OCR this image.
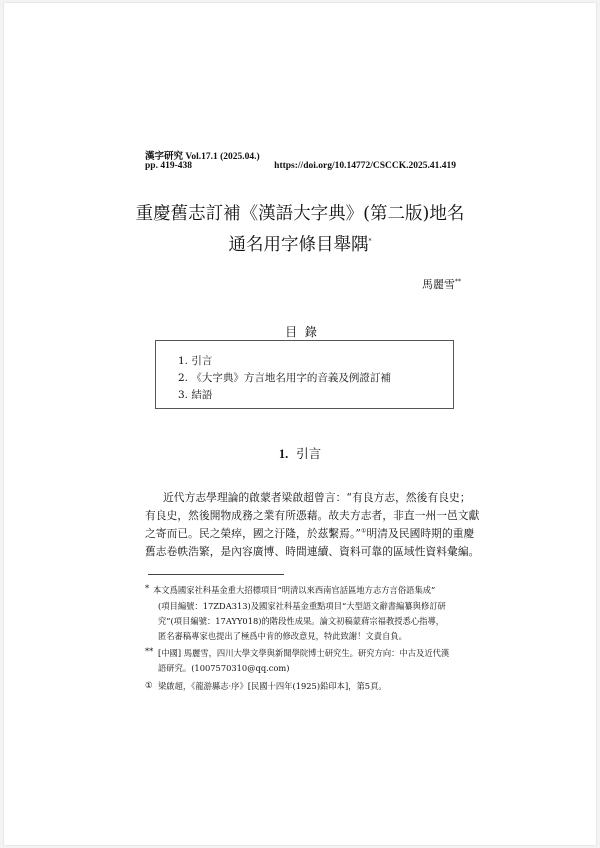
漢字研究 Vol.17.1 (2025.04.)
pp. 419-438	https://doi.org/10.14772/CSCCK.2025.41.419
重慶舊志訂補《漢語大字典》(第二版)地名
通名用字條目舉隅*
馬麗雪**
目 錄
1. 引言
2. 《大字典》方言地名用字的音義及例證訂補
3. 結語
1. 引言
近代方志學理論的啟蒙者梁啟超曾言：“有良方志，然後有良史；
有良史，然後開物成務之業有所憑藉。故夫方志者，非直一州一邑文獻
之寄而已。民之榮瘁，國之汙隆，於茲繫焉。”①明清及民國時期的重慶
舊志卷帙浩繁，是內容廣博、時間連續、資料可靠的區域性資料彙編。
* 本文爲國家社科基金重大招標項目“明清以來西南官話區地方志方言俗語集成”
(項目編號：17ZDA313)及國家社科基金重點項目“大型語文辭書編纂與修訂研
究”(項目編號：17AYY018)的階段性成果。論文初稿蒙蔣宗福教授悉心指導，
匿名審稿專家也提出了極爲中肯的修改意見，特此致謝！文責自負。
** [中國] 馬麗雪，四川大學文學與新聞學院博士研究生。研究方向：中古及近代漢
語研究。(1007570310@qq.com)
① 梁啟超，《龍游縣志·序》[民國十四年(1925)鉛印本]，第5頁。
